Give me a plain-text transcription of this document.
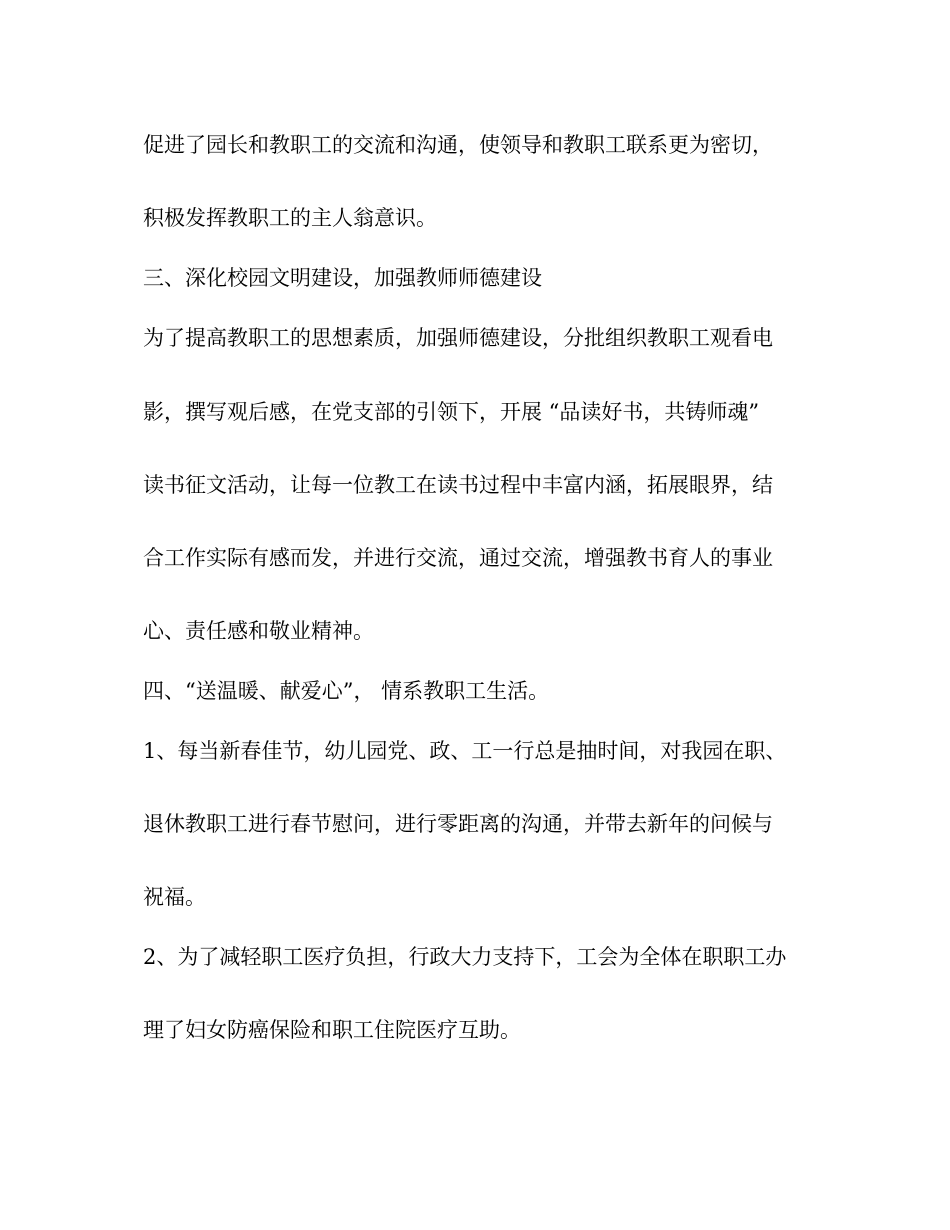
促进了园长和教职工的交流和沟通，使领导和教职工联系更为密切，

积极发挥教职工的主人翁意识。

三、深化校园文明建设，加强教师师德建设

为了提高教职工的思想素质，加强师德建设，分批组织教职工观看电

影，撰写观后感，在党支部的引领下，开展 “品读好书，共铸师魂”

读书征文活动，让每一位教工在读书过程中丰富内涵，拓展眼界，结

合工作实际有感而发，并进行交流，通过交流，增强教书育人的事业

心、责任感和敬业精神。

四、“送温暖、献爱心”， 情系教职工生活。

1、每当新春佳节，幼儿园党、政、工一行总是抽时间，对我园在职、

退休教职工进行春节慰问，进行零距离的沟通，并带去新年的问候与

祝福。

2、为了减轻职工医疗负担，行政大力支持下，工会为全体在职职工办

理了妇女防癌保险和职工住院医疗互助。
